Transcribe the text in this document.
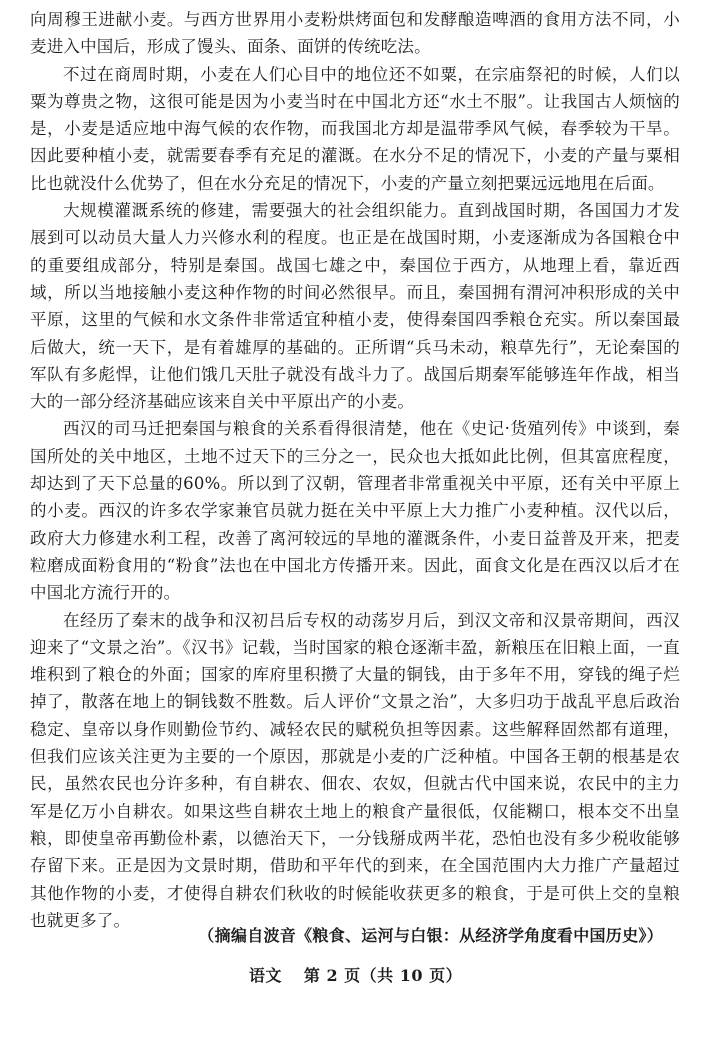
向周穆王进献小麦。与西方世界用小麦粉烘烤面包和发酵酿造啤酒的食用方法不同，小麦进入中国后，形成了馒头、面条、面饼的传统吃法。

不过在商周时期，小麦在人们心目中的地位还不如粟，在宗庙祭祀的时候，人们以粟为尊贵之物，这很可能是因为小麦当时在中国北方还“水土不服”。让我国古人烦恼的是，小麦是适应地中海气候的农作物，而我国北方却是温带季风气候，春季较为干旱。因此要种植小麦，就需要春季有充足的灌溉。在水分不足的情况下，小麦的产量与粟相比也就没什么优势了，但在水分充足的情况下，小麦的产量立刻把粟远远地甩在后面。

大规模灌溉系统的修建，需要强大的社会组织能力。直到战国时期，各国国力才发展到可以动员大量人力兴修水利的程度。也正是在战国时期，小麦逐渐成为各国粮仓中的重要组成部分，特别是秦国。战国七雄之中，秦国位于西方，从地理上看，靠近西域，所以当地接触小麦这种作物的时间必然很早。而且，秦国拥有渭河冲积形成的关中平原，这里的气候和水文条件非常适宜种植小麦，使得秦国四季粮仓充实。所以秦国最后做大，统一天下，是有着雄厚的基础的。正所谓“兵马未动，粮草先行”，无论秦国的军队有多彪悍，让他们饿几天肚子就没有战斗力了。战国后期秦军能够连年作战，相当大的一部分经济基础应该来自关中平原出产的小麦。

西汉的司马迁把秦国与粮食的关系看得很清楚，他在《史记·货殖列传》中谈到，秦国所处的关中地区，土地不过天下的三分之一，民众也大抵如此比例，但其富庶程度，却达到了天下总量的60%。所以到了汉朝，管理者非常重视关中平原，还有关中平原上的小麦。西汉的许多农学家兼官员就力挺在关中平原上大力推广小麦种植。汉代以后，政府大力修建水利工程，改善了离河较远的旱地的灌溉条件，小麦日益普及开来，把麦粒磨成面粉食用的“粉食”法也在中国北方传播开来。因此，面食文化是在西汉以后才在中国北方流行开的。

在经历了秦末的战争和汉初吕后专权的动荡岁月后，到汉文帝和汉景帝期间，西汉迎来了“文景之治”。《汉书》记载，当时国家的粮仓逐渐丰盈，新粮压在旧粮上面，一直堆积到了粮仓的外面；国家的库府里积攒了大量的铜钱，由于多年不用，穿钱的绳子烂掉了，散落在地上的铜钱数不胜数。后人评价“文景之治”，大多归功于战乱平息后政治稳定、皇帝以身作则勤俭节约、减轻农民的赋税负担等因素。这些解释固然都有道理，但我们应该关注更为主要的一个原因，那就是小麦的广泛种植。中国各王朝的根基是农民，虽然农民也分许多种，有自耕农、佃农、农奴，但就古代中国来说，农民中的主力军是亿万小自耕农。如果这些自耕农土地上的粮食产量很低，仅能糊口，根本交不出皇粮，即使皇帝再勤俭朴素，以德治天下，一分钱掰成两半花，恐怕也没有多少税收能够存留下来。正是因为文景时期，借助和平年代的到来，在全国范围内大力推广产量超过其他作物的小麦，才使得自耕农们秋收的时候能收获更多的粮食，于是可供上交的皇粮也就更多了。

（摘编自波音《粮食、运河与白银：从经济学角度看中国历史》）
语文 第 2 页（共 10 页）
